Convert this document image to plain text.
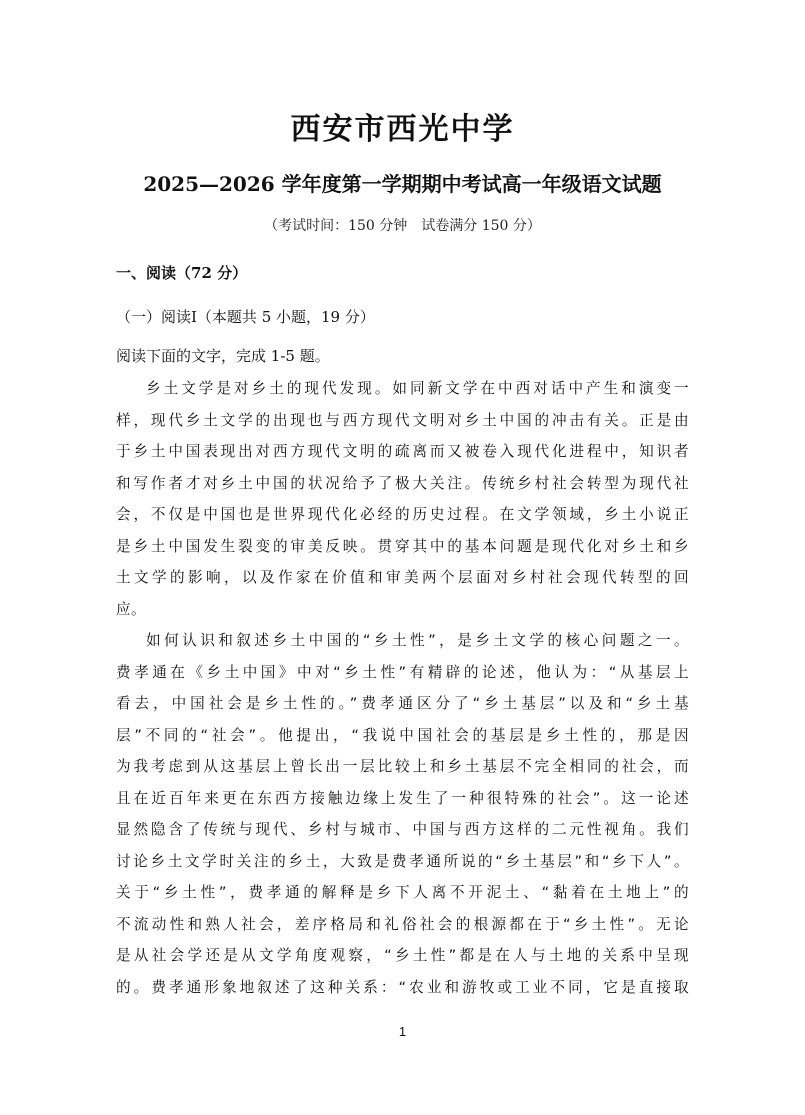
西安市西光中学
2025—2026 学年度第一学期期中考试高一年级语文试题
（考试时间：150 分钟　试卷满分 150 分）
一、阅读（72 分）
（一）阅读Ⅰ（本题共 5 小题，19 分）
阅读下面的文字，完成 1-5 题。
乡土文学是对乡土的现代发现。如同新文学在中西对话中产生和演变一
样，现代乡土文学的出现也与西方现代文明对乡土中国的冲击有关。正是由
于乡土中国表现出对西方现代文明的疏离而又被卷入现代化进程中，知识者
和写作者才对乡土中国的状况给予了极大关注。传统乡村社会转型为现代社
会，不仅是中国也是世界现代化必经的历史过程。在文学领域，乡土小说正
是乡土中国发生裂变的审美反映。贯穿其中的基本问题是现代化对乡土和乡
土文学的影响，以及作家在价值和审美两个层面对乡村社会现代转型的回
应。
如何认识和叙述乡土中国的“乡土性”，是乡土文学的核心问题之一。
费孝通在《乡土中国》中对“乡土性”有精辟的论述，他认为：“从基层上
看去，中国社会是乡土性的。”费孝通区分了“乡土基层”以及和“乡土基
层”不同的“社会”。他提出，“我说中国社会的基层是乡土性的，那是因
为我考虑到从这基层上曾长出一层比较上和乡土基层不完全相同的社会，而
且在近百年来更在东西方接触边缘上发生了一种很特殊的社会”。这一论述
显然隐含了传统与现代、乡村与城市、中国与西方这样的二元性视角。我们
讨论乡土文学时关注的乡土，大致是费孝通所说的“乡土基层”和“乡下人”。
关于“乡土性”，费孝通的解释是乡下人离不开泥土、“黏着在土地上”的
不流动性和熟人社会，差序格局和礼俗社会的根源都在于“乡土性”。无论
是从社会学还是从文学角度观察，“乡土性”都是在人与土地的关系中呈现
的。费孝通形象地叙述了这种关系：“农业和游牧或工业不同，它是直接取
1
